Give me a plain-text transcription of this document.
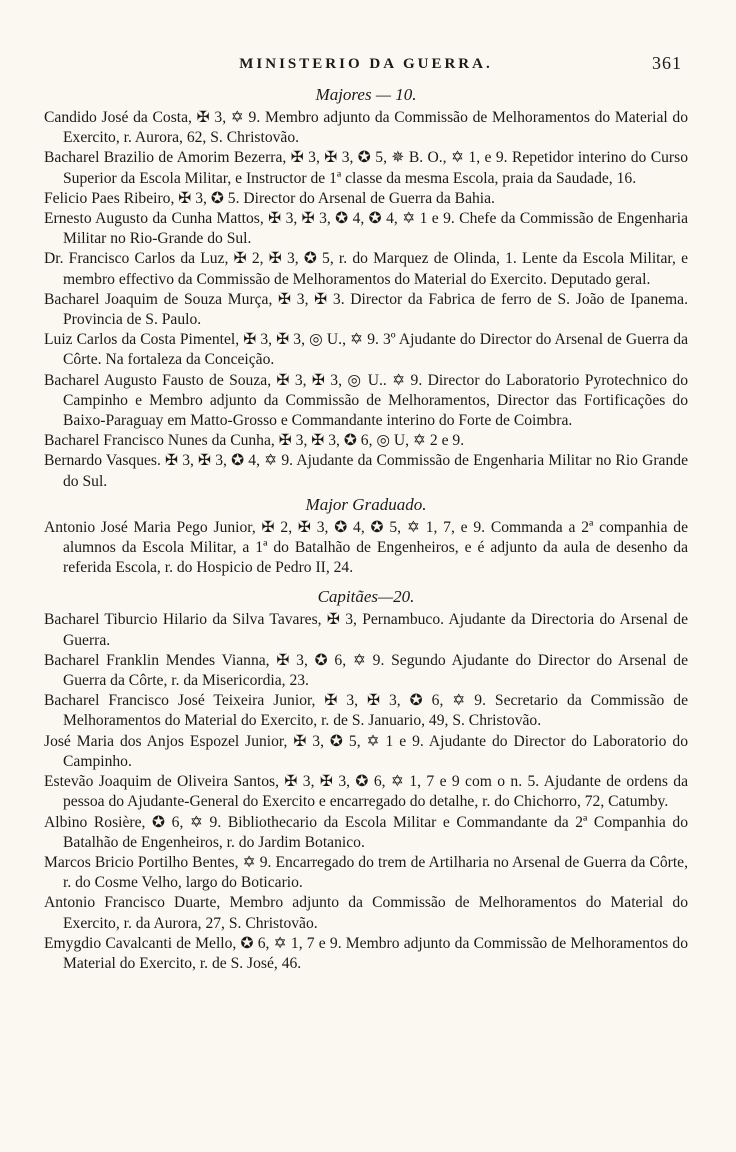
MINISTERIO DA GUERRA.	361
Majores — 10.

Candido José da Costa, ✠ 3, ✡ 9. Membro adjunto da Commissão de Melhoramentos do Material do Exercito, r. Aurora, 62, S. Christovão.

Bacharel Brazilio de Amorim Bezerra, ✠ 3, ✠ 3, ✪ 5, ✵ B. O., ✡ 1, e 9. Repetidor interino do Curso Superior da Escola Militar, e Instructor de 1ª classe da mesma Escola, praia da Saudade, 16.

Felicio Paes Ribeiro, ✠ 3, ✪ 5. Director do Arsenal de Guerra da Bahia.

Ernesto Augusto da Cunha Mattos, ✠ 3, ✠ 3, ✪ 4, ✪ 4, ✡ 1 e 9. Chefe da Commissão de Engenharia Militar no Rio-Grande do Sul.

Dr. Francisco Carlos da Luz, ✠ 2, ✠ 3, ✪ 5, r. do Marquez de Olinda, 1. Lente da Escola Militar, e membro effectivo da Commissão de Melhoramentos do Material do Exercito. Deputado geral.

Bacharel Joaquim de Souza Murça, ✠ 3, ✠ 3. Director da Fabrica de ferro de S. João de Ipanema. Provincia de S. Paulo.

Luiz Carlos da Costa Pimentel, ✠ 3, ✠ 3, ◎ U., ✡ 9. 3º Ajudante do Director do Arsenal de Guerra da Côrte. Na fortaleza da Conceição.

Bacharel Augusto Fausto de Souza, ✠ 3, ✠ 3, ◎ U.. ✡ 9. Director do Laboratorio Pyrotechnico do Campinho e Membro adjunto da Commissão de Melhoramentos, Director das Fortificações do Baixo-Paraguay em Matto-Grosso e Commandante interino do Forte de Coimbra.

Bacharel Francisco Nunes da Cunha, ✠ 3, ✠ 3, ✪ 6, ◎ U, ✡ 2 e 9.

Bernardo Vasques. ✠ 3, ✠ 3, ✪ 4, ✡ 9. Ajudante da Commissão de Engenharia Militar no Rio Grande do Sul.

Major Graduado.

Antonio José Maria Pego Junior, ✠ 2, ✠ 3, ✪ 4, ✪ 5, ✡ 1, 7, e 9. Commanda a 2ª companhia de alumnos da Escola Militar, a 1ª do Batalhão de Engenheiros, e é adjunto da aula de desenho da referida Escola, r. do Hospicio de Pedro II, 24.

Capitães—20.

Bacharel Tiburcio Hilario da Silva Tavares, ✠ 3, Pernambuco. Ajudante da Directoria do Arsenal de Guerra.

Bacharel Franklin Mendes Vianna, ✠ 3, ✪ 6, ✡ 9. Segundo Ajudante do Director do Arsenal de Guerra da Côrte, r. da Misericordia, 23.

Bacharel Francisco José Teixeira Junior, ✠ 3, ✠ 3, ✪ 6, ✡ 9. Secretario da Commissão de Melhoramentos do Material do Exercito, r. de S. Januario, 49, S. Christovão.

José Maria dos Anjos Espozel Junior, ✠ 3, ✪ 5, ✡ 1 e 9. Ajudante do Director do Laboratorio do Campinho.

Estevão Joaquim de Oliveira Santos, ✠ 3, ✠ 3, ✪ 6, ✡ 1, 7 e 9 com o n. 5. Ajudante de ordens da pessoa do Ajudante-General do Exercito e encarregado do detalhe, r. do Chichorro, 72, Catumby.

Albino Rosière, ✪ 6, ✡ 9. Bibliothecario da Escola Militar e Commandante da 2ª Companhia do Batalhão de Engenheiros, r. do Jardim Botanico.

Marcos Bricio Portilho Bentes, ✡ 9. Encarregado do trem de Artilharia no Arsenal de Guerra da Côrte, r. do Cosme Velho, largo do Boticario.

Antonio Francisco Duarte, Membro adjunto da Commissão de Melhoramentos do Material do Exercito, r. da Aurora, 27, S. Christovão.

Emygdio Cavalcanti de Mello, ✪ 6, ✡ 1, 7 e 9. Membro adjunto da Commissão de Melhoramentos do Material do Exercito, r. de S. José, 46.
